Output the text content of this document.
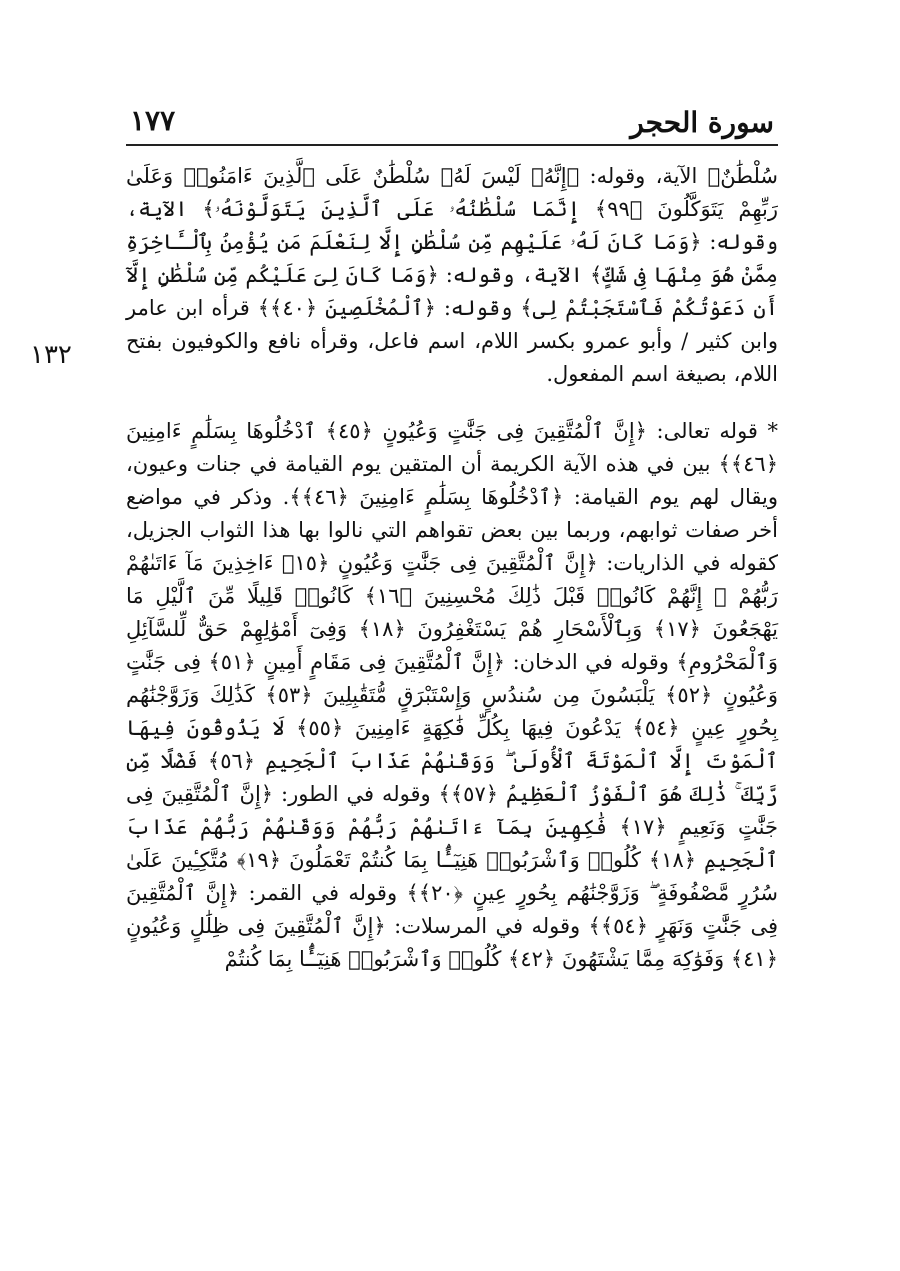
سورة الحجر
١٧٧
١٣٢

سُلْطَٰنٌ﴾ الآية، وقوله: ﴿إِنَّهُۥ لَيْسَ لَهُۥ سُلْطَٰنٌ عَلَى ٱلَّذِينَ ءَامَنُوا۟ وَعَلَىٰ رَبِّهِمْ يَتَوَكَّلُونَ ﴿٩٩﴾ إِنَّمَا سُلْطَٰنُهُۥ عَلَى ٱلَّذِينَ يَتَوَلَّوْنَهُۥ﴾ الآية، وقوله: ﴿وَمَا كَانَ لَهُۥ عَلَيْهِم مِّن سُلْطَٰنٍ إِلَّا لِنَعْلَمَ مَن يُؤْمِنُ بِٱلْـَٔاخِرَةِ مِمَّنْ هُوَ مِنْهَا فِى شَكٍّ﴾ الآية، وقوله: ﴿وَمَا كَانَ لِىَ عَلَيْكُم مِّن سُلْطَٰنٍ إِلَّآ أَن دَعَوْتُكُمْ فَٱسْتَجَبْتُمْ لِى﴾ وقوله: ﴿ٱلْمُخْلَصِينَ ﴿٤٠﴾﴾ قرأه ابن عامر وابن كثير / وأبو عمرو بكسر اللام، اسم فاعل، وقرأه نافع والكوفيون بفتح اللام، بصيغة اسم المفعول.

* قوله تعالى: ﴿إِنَّ ٱلْمُتَّقِينَ فِى جَنَّٰتٍ وَعُيُونٍ ﴿٤٥﴾ ٱدْخُلُوهَا بِسَلَٰمٍ ءَامِنِينَ ﴿٤٦﴾﴾ بين في هذه الآية الكريمة أن المتقين يوم القيامة في جنات وعيون، ويقال لهم يوم القيامة: ﴿ٱدْخُلُوهَا بِسَلَٰمٍ ءَامِنِينَ ﴿٤٦﴾﴾. وذكر في مواضع أخر صفات ثوابهم، وربما بين بعض تقواهم التي نالوا بها هذا الثواب الجزيل، كقوله في الذاريات: ﴿إِنَّ ٱلْمُتَّقِينَ فِى جَنَّٰتٍ وَعُيُونٍ ﴿١٥﴾ ءَاخِذِينَ مَآ ءَاتَىٰهُمْ رَبُّهُمْ ۚ إِنَّهُمْ كَانُوا۟ قَبْلَ ذَٰلِكَ مُحْسِنِينَ ﴿١٦﴾ كَانُوا۟ قَلِيلًا مِّنَ ٱلَّيْلِ مَا يَهْجَعُونَ ﴿١٧﴾ وَبِٱلْأَسْحَارِ هُمْ يَسْتَغْفِرُونَ ﴿١٨﴾ وَفِىٓ أَمْوَٰلِهِمْ حَقٌّ لِّلسَّآئِلِ وَٱلْمَحْرُومِ﴾ وقوله في الدخان: ﴿إِنَّ ٱلْمُتَّقِينَ فِى مَقَامٍ أَمِينٍ ﴿٥١﴾ فِى جَنَّٰتٍ وَعُيُونٍ ﴿٥٢﴾ يَلْبَسُونَ مِن سُندُسٍ وَإِسْتَبْرَقٍ مُّتَقَٰبِلِينَ ﴿٥٣﴾ كَذَٰلِكَ وَزَوَّجْنَٰهُم بِحُورٍ عِينٍ ﴿٥٤﴾ يَدْعُونَ فِيهَا بِكُلِّ فَٰكِهَةٍ ءَامِنِينَ ﴿٥٥﴾ لَا يَذُوقُونَ فِيهَا ٱلْمَوْتَ إِلَّا ٱلْمَوْتَةَ ٱلْأُولَىٰ ۖ وَوَقَىٰهُمْ عَذَابَ ٱلْجَحِيمِ ﴿٥٦﴾ فَضْلًا مِّن رَّبِّكَ ۚ ذَٰلِكَ هُوَ ٱلْفَوْزُ ٱلْعَظِيمُ ﴿٥٧﴾﴾ وقوله في الطور: ﴿إِنَّ ٱلْمُتَّقِينَ فِى جَنَّٰتٍ وَنَعِيمٍ ﴿١٧﴾ فَٰكِهِينَ بِمَآ ءَاتَىٰهُمْ رَبُّهُمْ وَوَقَىٰهُمْ رَبُّهُمْ عَذَابَ ٱلْجَحِيمِ ﴿١٨﴾ كُلُوا۟ وَٱشْرَبُوا۟ هَنِيٓـًٔۢا بِمَا كُنتُمْ تَعْمَلُونَ ﴿١٩﴾ مُتَّكِـِٔينَ عَلَىٰ سُرُرٍ مَّصْفُوفَةٍ ۖ وَزَوَّجْنَٰهُم بِحُورٍ عِينٍ ﴿٢٠﴾﴾ وقوله في القمر: ﴿إِنَّ ٱلْمُتَّقِينَ فِى جَنَّٰتٍ وَنَهَرٍ ﴿٥٤﴾﴾ وقوله في المرسلات: ﴿إِنَّ ٱلْمُتَّقِينَ فِى ظِلَٰلٍ وَعُيُونٍ ﴿٤١﴾ وَفَوَٰكِهَ مِمَّا يَشْتَهُونَ ﴿٤٢﴾ كُلُوا۟ وَٱشْرَبُوا۟ هَنِيٓـًٔۢا بِمَا كُنتُمْ
